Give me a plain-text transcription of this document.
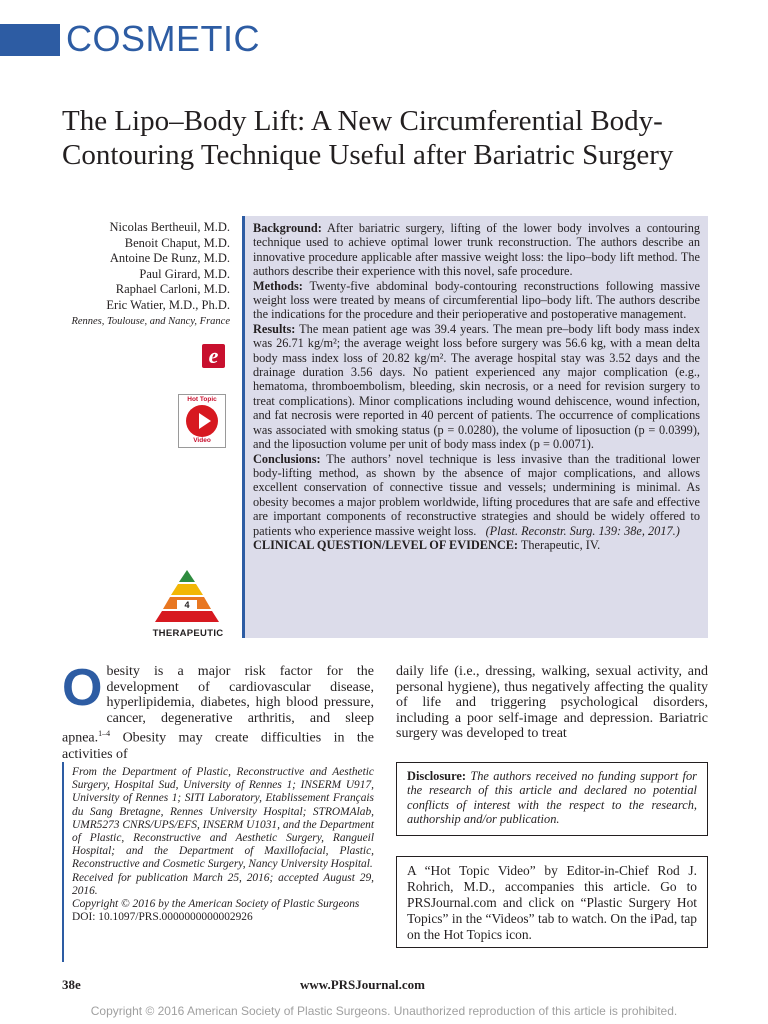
COSMETIC
The Lipo–Body Lift: A New Circumferential Body-Contouring Technique Useful after Bariatric Surgery
Nicolas Bertheuil, M.D.
Benoit Chaput, M.D.
Antoine De Runz, M.D.
Paul Girard, M.D.
Raphael Carloni, M.D.
Eric Watier, M.D., Ph.D.
Rennes, Toulouse, and Nancy, France
e
Hot Topic
Video
4
THERAPEUTIC

Background: After bariatric surgery, lifting of the lower body involves a contouring technique used to achieve optimal lower trunk reconstruction. The authors describe an innovative procedure applicable after massive weight loss: the lipo–body lift method. The authors describe their experience with this novel, safe procedure.

Methods: Twenty-five abdominal body-contouring reconstructions following massive weight loss were treated by means of circumferential lipo–body lift. The authors describe the indications for the procedure and their perioperative and postoperative management.

Results: The mean patient age was 39.4 years. The mean pre–body lift body mass index was 26.71 kg/m²; the average weight loss before surgery was 56.6 kg, with a mean delta body mass index loss of 20.82 kg/m². The average hospital stay was 3.52 days and the drainage duration 3.56 days. No patient experienced any major complication (e.g., hematoma, thromboembolism, bleeding, skin necrosis, or a need for revision surgery to treat complications). Minor complications including wound dehiscence, wound infection, and fat necrosis were reported in 40 percent of patients. The occurrence of complications was associated with smoking status (p = 0.0280), the volume of liposuction (p = 0.0399), and the liposuction volume per unit of body mass index (p = 0.0071).

Conclusions: The authors’ novel technique is less invasive than the traditional lower body-lifting method, as shown by the absence of major complications, and allows excellent conservation of connective tissue and vessels; undermining is minimal. As obesity becomes a major problem worldwide, lifting procedures that are safe and effective are important components of reconstructive strategies and should be widely offered to patients who experience massive weight loss. (Plast. Reconstr. Surg. 139: 38e, 2017.)

CLINICAL QUESTION/LEVEL OF EVIDENCE: Therapeutic, IV.

Obesity is a major risk factor for the development of cardiovascular disease, hyperlipidemia, diabetes, high blood pressure, cancer, degenerative arthritis, and sleep apnea.$^{1-4}$ Obesity may create difficulties in the activities of
daily life (i.e., dressing, walking, sexual activity, and personal hygiene), thus negatively affecting the quality of life and triggering psychological disorders, including a poor self-image and depression. Bariatric surgery was developed to treat
From the Department of Plastic, Reconstructive and Aesthetic Surgery, Hospital Sud, University of Rennes 1; INSERM U917, University of Rennes 1; SITI Laboratory, Etablissement Français du Sang Bretagne, Rennes University Hospital; STROMAlab, UMR5273 CNRS/UPS/EFS, INSERM U1031, and the Department of Plastic, Reconstructive and Aesthetic Surgery, Rangueil Hospital; and the Department of Maxillofacial, Plastic, Reconstructive and Cosmetic Surgery, Nancy University Hospital.
Received for publication March 25, 2016; accepted August 29, 2016.
Copyright © 2016 by the American Society of Plastic Surgeons
DOI: 10.1097/PRS.0000000000002926
Disclosure: The authors received no funding support for the research of this article and declared no potential conflicts of interest with the respect to the research, authorship and/or publication.
A “Hot Topic Video” by Editor-in-Chief Rod J. Rohrich, M.D., accompanies this article. Go to PRSJournal.com and click on “Plastic Surgery Hot Topics” in the “Videos” tab to watch. On the iPad, tap on the Hot Topics icon.
38e	www.PRSJournal.com
Copyright © 2016 American Society of Plastic Surgeons. Unauthorized reproduction of this article is prohibited.
